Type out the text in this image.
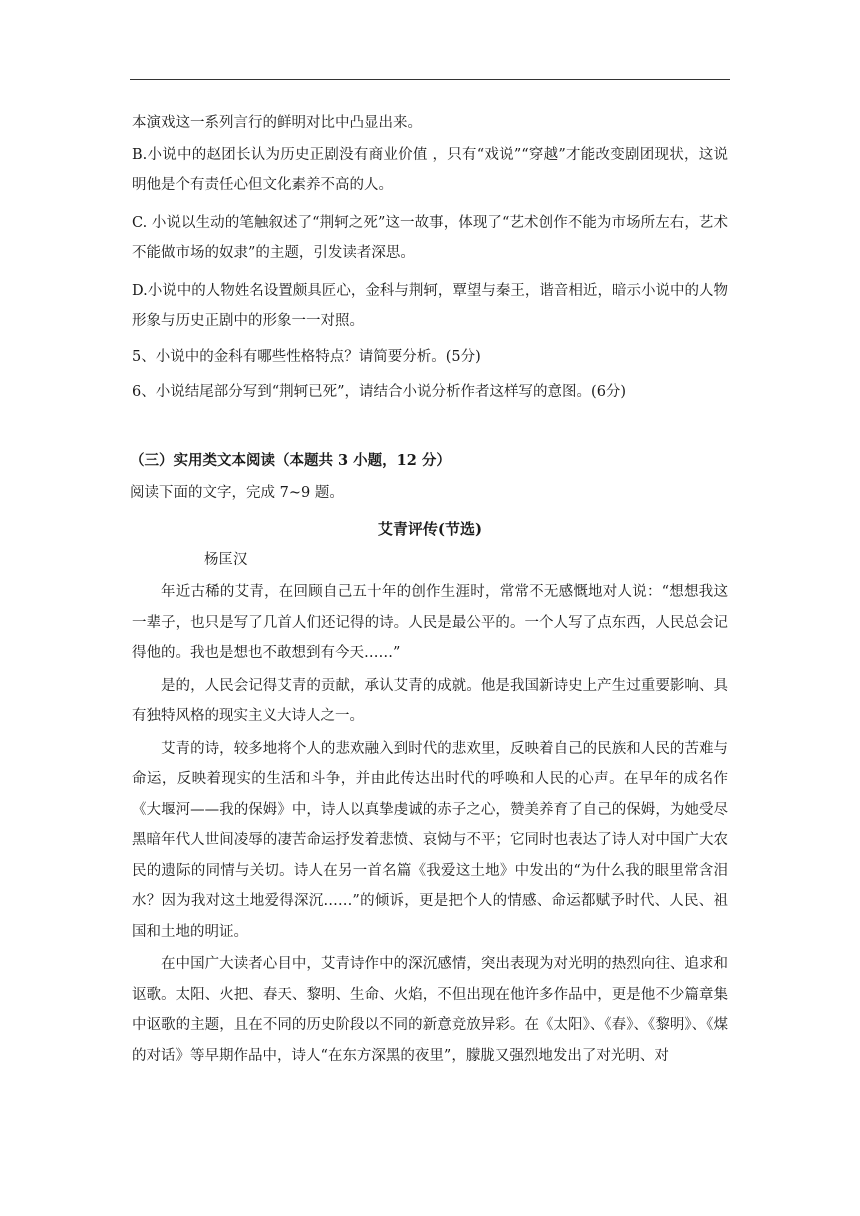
本演戏这一系列言行的鲜明对比中凸显出来。

B.小说中的赵团长认为历史正剧没有商业价值 ，只有“戏说”“穿越”才能改变剧团现状，这说明他是个有责任心但文化素养不高的人。

C. 小说以生动的笔触叙述了“荆轲之死”这一故事，体现了“艺术创作不能为市场所左右，艺术不能做市场的奴隶”的主题，引发读者深思。

D.小说中的人物姓名设置颇具匠心，金科与荆轲，覃望与秦王，谐音相近，暗示小说中的人物形象与历史正剧中的形象一一对照。

5、小说中的金科有哪些性格特点？请简要分析。(5分)
6、小说结尾部分写到“荆轲已死”，请结合小说分析作者这样写的意图。(6分)
（三）实用类文本阅读（本题共 3 小题，12 分）
阅读下面的文字，完成 7~9 题。
艾青评传(节选)
杨匡汉

年近古稀的艾青，在回顾自己五十年的创作生涯时，常常不无感慨地对人说：“想想我这一辈子，也只是写了几首人们还记得的诗。人民是最公平的。一个人写了点东西，人民总会记得他的。我也是想也不敢想到有今天……”

是的，人民会记得艾青的贡献，承认艾青的成就。他是我国新诗史上产生过重要影响、具有独特风格的现实主义大诗人之一。

艾青的诗，较多地将个人的悲欢融入到时代的悲欢里，反映着自己的民族和人民的苦难与命运，反映着现实的生活和斗争，并由此传达出时代的呼唤和人民的心声。在早年的成名作《大堰河——我的保姆》中，诗人以真挚虔诚的赤子之心，赞美养育了自己的保姆，为她受尽黑暗年代人世间凌辱的凄苦命运抒发着悲愤、哀恸与不平；它同时也表达了诗人对中国广大农民的遗际的同情与关切。诗人在另一首名篇《我爱这土地》中发出的“为什么我的眼里常含泪水？因为我对这土地爱得深沉……”的倾诉，更是把个人的情感、命运都赋予时代、人民、祖国和土地的明证。

在中国广大读者心目中，艾青诗作中的深沉感情，突出表现为对光明的热烈向往、追求和讴歌。太阳、火把、春天、黎明、生命、火焰，不但出现在他许多作品中，更是他不少篇章集中讴歌的主题，且在不同的历史阶段以不同的新意竞放异彩。在《太阳》、《春》、《黎明》、《煤的对话》等早期作品中，诗人“在东方深黑的夜里”，朦胧又强烈地发出了对光明、对
